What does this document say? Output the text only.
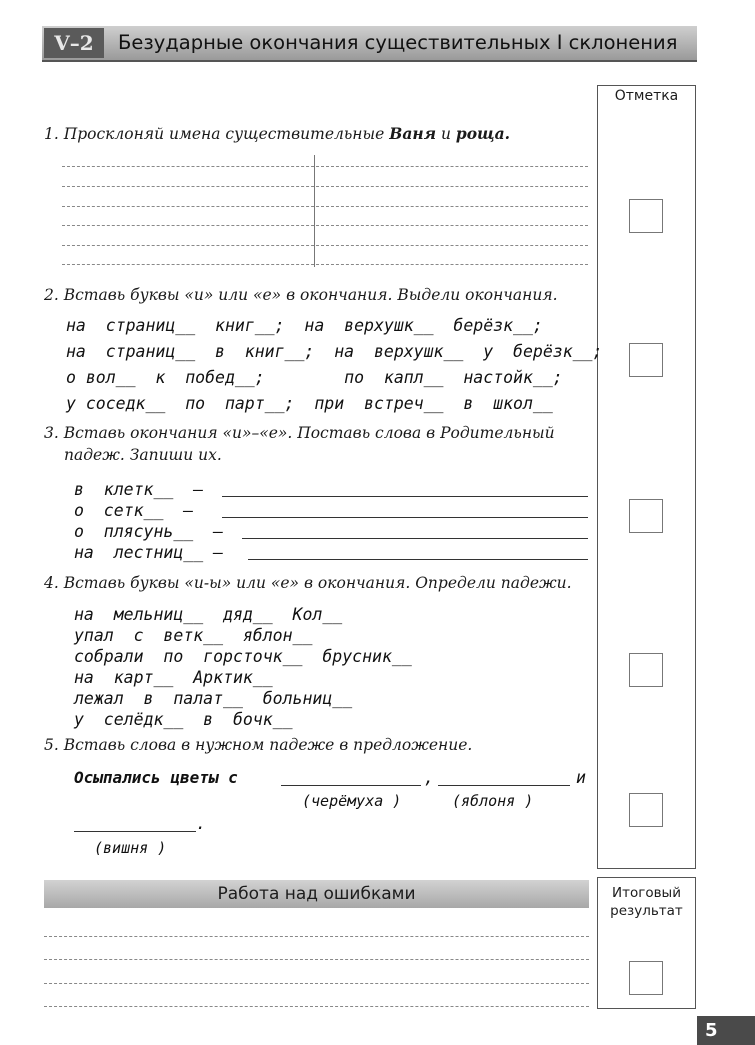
V–2	Безударные окончания существительных I склонения
Отметка
1. Просклоняй имена существительные Ваня и роща.
2. Вставь буквы «и» или «е» в окончания. Выдели окончания.
на  страниц__  книг__;  на  верхушк__  берёзк__;
на  страниц__  в  книг__;  на  верхушк__  у  берёзк__;
о вол__  к  побед__;        по  капл__  настойк__;
у соседк__  по  парт__;  при  встреч__  в  школ__
3. Вставь окончания «и»–«е». Поставь слова в Родительный
падеж. Запиши их.
в  клетк__  –
о  сетк__  –
о  плясунь__  –
на  лестниц__ –
4. Вставь буквы «и-ы» или «е» в окончания. Определи падежи.
на  мельниц__  дяд__  Кол__
упал  с  ветк__  яблон__
собрали  по  горсточк__  брусник__
на  карт__  Арктик__
лежал  в  палат__  больниц__
у  селёдк__  в  бочк__
5. Вставь слова в нужном падеже в предложение.
Осыпались цветы с	,	и
(черёмуха )	(яблоня )
.
(вишня )
Работа над ошибками	Итоговый
результат
5
